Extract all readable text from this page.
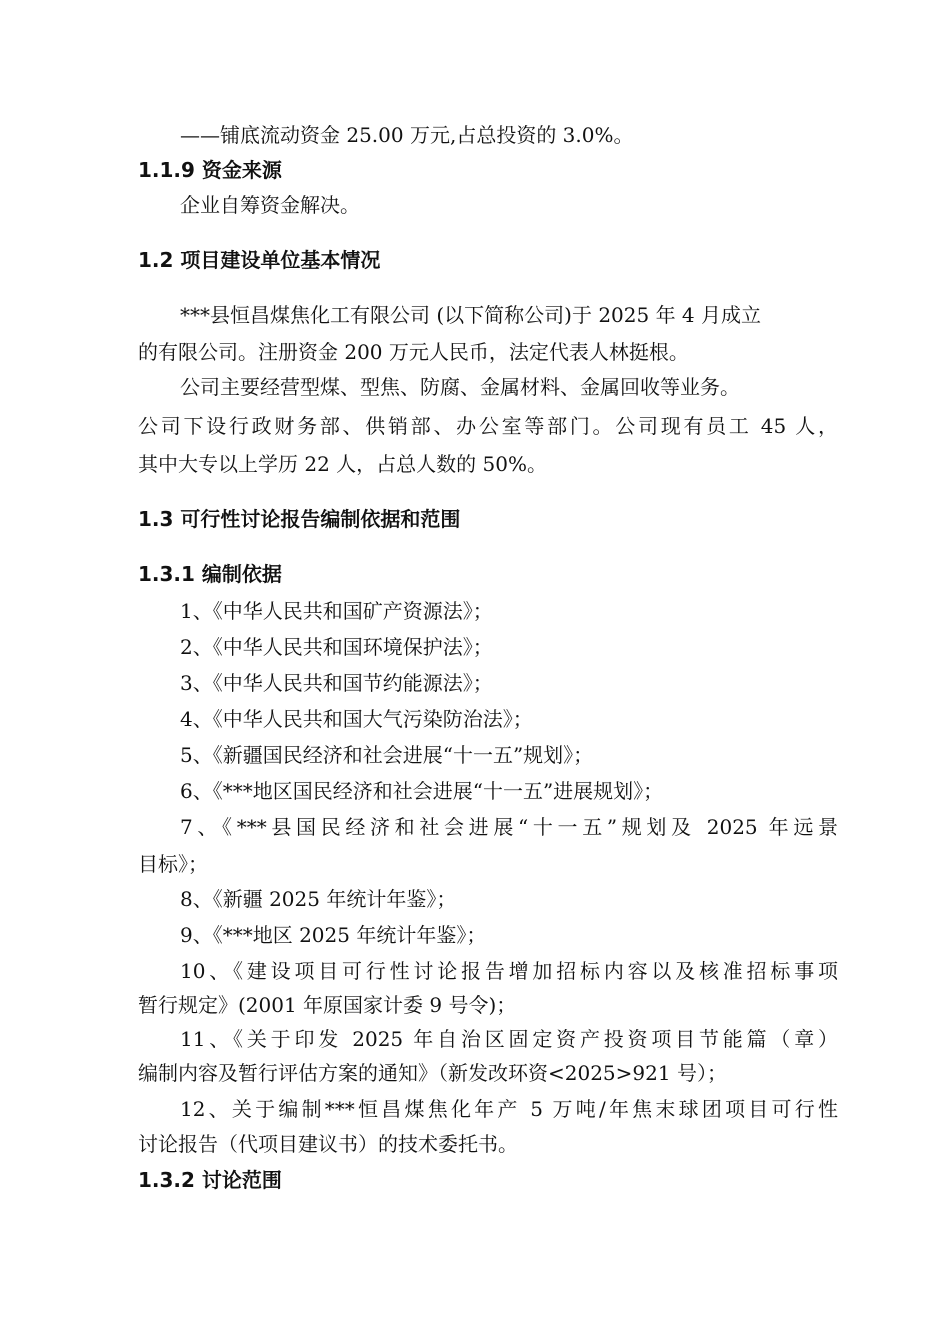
——铺底流动资金 25.00 万元,占总投资的 3.0%。
1.1.9 资金来源
企业自筹资金解决。
1.2 项目建设单位基本情况
***县恒昌煤焦化工有限公司 (以下简称公司)于 2025 年 4 月成立
的有限公司。注册资金 200 万元人民币，法定代表人林挺根。
公司主要经营型煤、型焦、防腐、金属材料、金属回收等业务。
公司下设行政财务部、供销部、办公室等部门。公司现有员工 45 人，
其中大专以上学历 22 人，占总人数的 50%。
1.3 可行性讨论报告编制依据和范围
1.3.1 编制依据
1、《中华人民共和国矿产资源法》；
2、《中华人民共和国环境保护法》；
3、《中华人民共和国节约能源法》；
4、《中华人民共和国大气污染防治法》；
5、《新疆国民经济和社会进展“十一五”规划》；
6、《***地区国民经济和社会进展“十一五”进展规划》；
7、《***县国民经济和社会进展“十一五”规划及 2025 年远景
目标》；
8、《新疆 2025 年统计年鉴》；
9、《***地区 2025 年统计年鉴》；
10、《建设项目可行性讨论报告增加招标内容以及核准招标事项
暂行规定》(2001 年原国家计委 9 号令)；
11、《关于印发 2025 年自治区固定资产投资项目节能篇（章）
编制内容及暂行评估方案的通知》（新发改环资<2025>921 号）；
12、关于编制***恒昌煤焦化年产 5 万吨/年焦末球团项目可行性
讨论报告（代项目建议书）的技术委托书。
1.3.2 讨论范围
